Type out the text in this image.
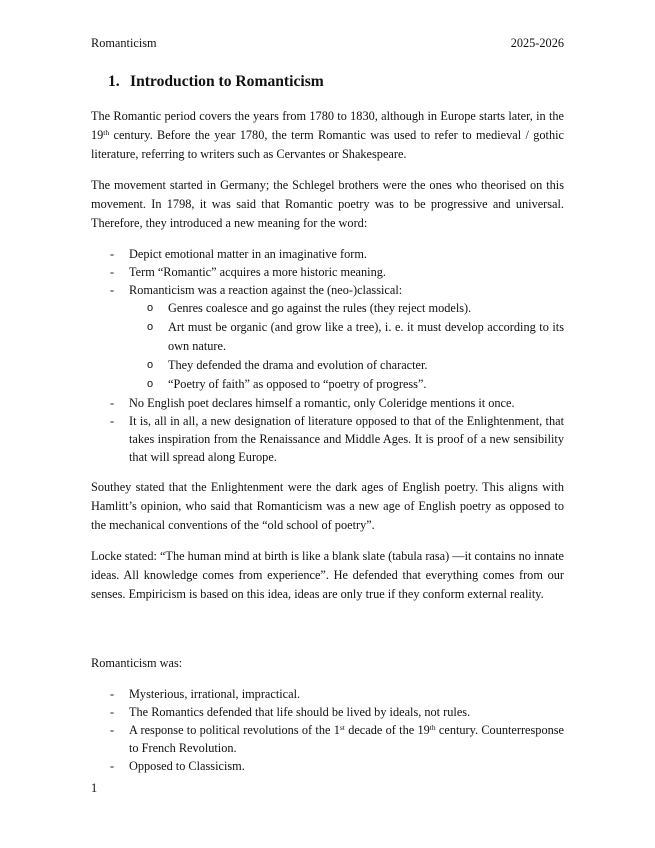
Romanticism	2025-2026
1. Introduction to Romanticism

The Romantic period covers the years from 1780 to 1830, although in Europe starts later, in the 19th century. Before the year 1780, the term Romantic was used to refer to medieval / gothic literature, referring to writers such as Cervantes or Shakespeare.

The movement started in Germany; the Schlegel brothers were the ones who theorised on this movement. In 1798, it was said that Romantic poetry was to be progressive and universal. Therefore, they introduced a new meaning for the word:

- Depict emotional matter in an imaginative form.
- Term “Romantic” acquires a more historic meaning.
- Romanticism was a reaction against the (neo-)classical:
o Genres coalesce and go against the rules (they reject models).
o Art must be organic (and grow like a tree), i. e. it must develop according to its own nature.
o They defended the drama and evolution of character.
o “Poetry of faith” as opposed to “poetry of progress”.
- No English poet declares himself a romantic, only Coleridge mentions it once.
- It is, all in all, a new designation of literature opposed to that of the Enlightenment, that takes inspiration from the Renaissance and Middle Ages. It is proof of a new sensibility that will spread along Europe.

Southey stated that the Enlightenment were the dark ages of English poetry. This aligns with Hamlitt’s opinion, who said that Romanticism was a new age of English poetry as opposed to the mechanical conventions of the “old school of poetry”.

Locke stated: “The human mind at birth is like a blank slate (tabula rasa) —it contains no innate ideas. All knowledge comes from experience”. He defended that everything comes from our senses. Empiricism is based on this idea, ideas are only true if they conform external reality.

Romanticism was:

- Mysterious, irrational, impractical.
- The Romantics defended that life should be lived by ideals, not rules.
- A response to political revolutions of the 1st decade of the 19th century. Counterresponse to French Revolution.
- Opposed to Classicism.
1
